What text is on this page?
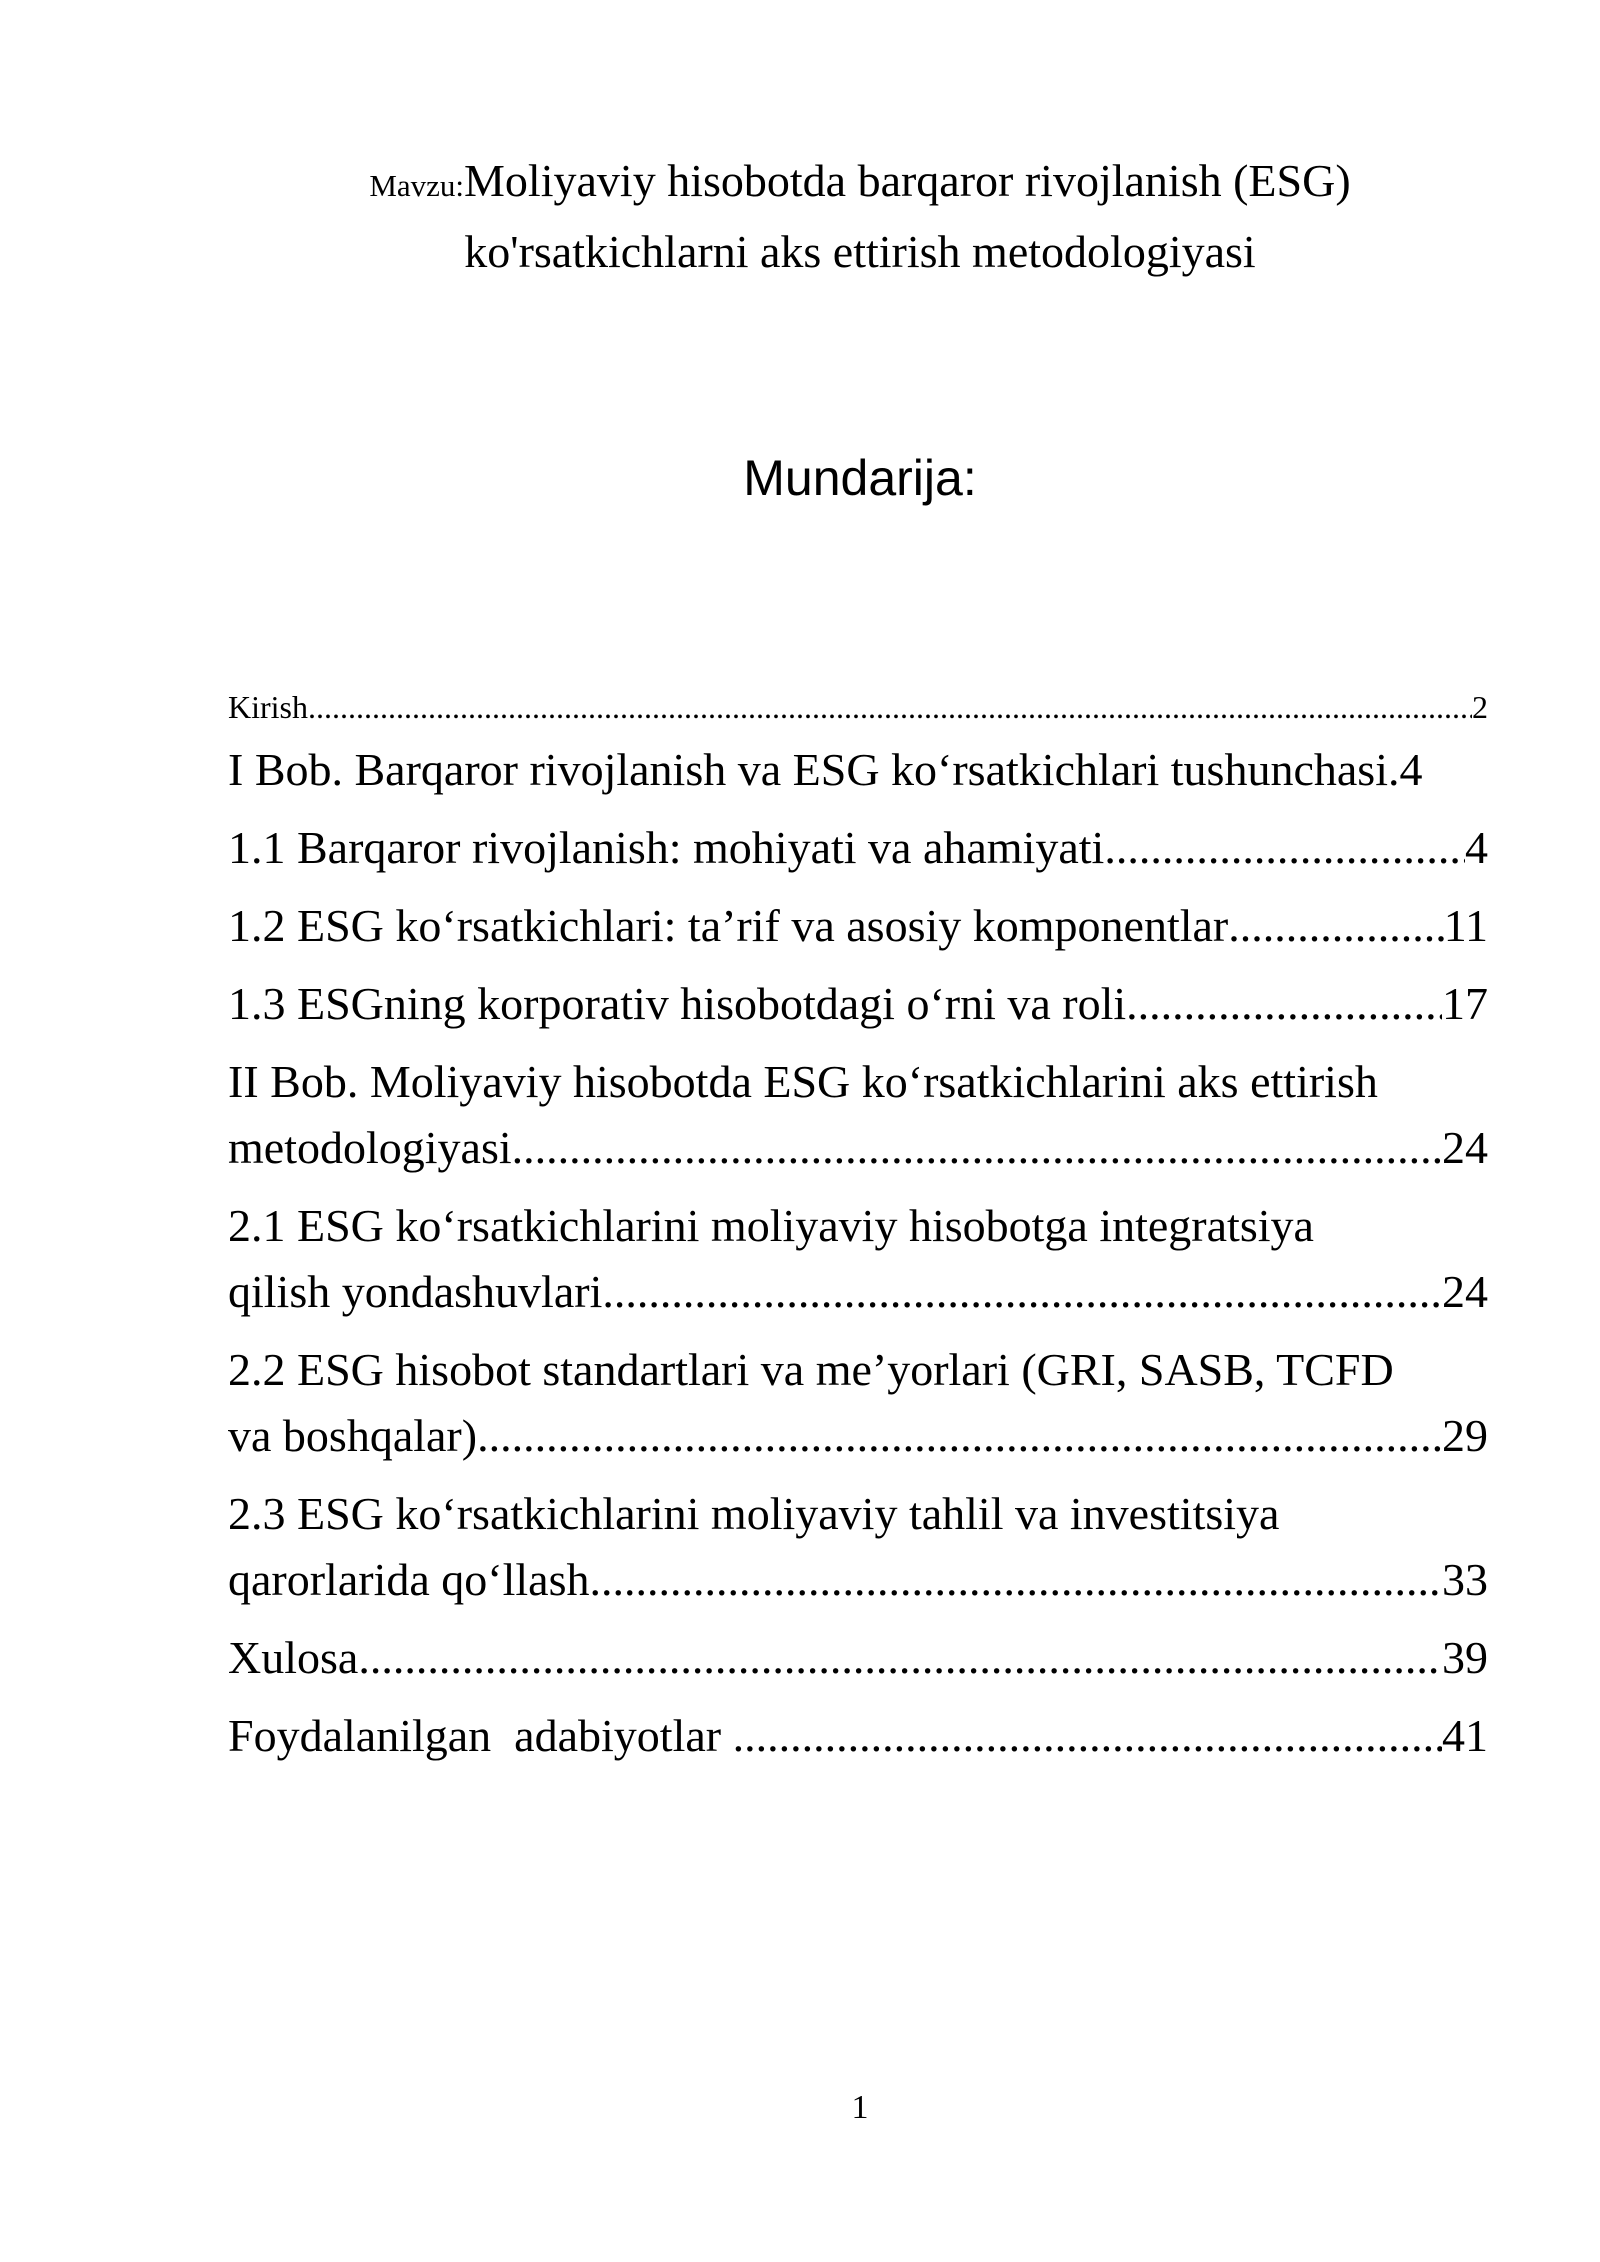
Mavzu:Moliyaviy hisobotda barqaror rivojlanish (ESG)
ko'rsatkichlarni aks ettirish metodologiyasi
Mundarija:
Kirish .....	2
I Bob. Barqaror rivojlanish va ESG ko‘rsatkichlari tushunchasi. 4
1.1 Barqaror rivojlanish: mohiyati va ahamiyati .....	4
1.2 ESG ko‘rsatkichlari: ta’rif va asosiy komponentlar .....	11
1.3 ESGning korporativ hisobotdagi o‘rni va roli .....	17
II Bob. Moliyaviy hisobotda ESG ko‘rsatkichlarini aks ettirish
metodologiyasi .....	24
2.1 ESG ko‘rsatkichlarini moliyaviy hisobotga integratsiya
qilish yondashuvlari .....	24
2.2 ESG hisobot standartlari va me’yorlari (GRI, SASB, TCFD
va boshqalar) .....	29
2.3 ESG ko‘rsatkichlarini moliyaviy tahlil va investitsiya
qarorlarida qo‘llash .....	33
Xulosa .....	39
Foydalanilgan  adabiyotlar .....	41
1
